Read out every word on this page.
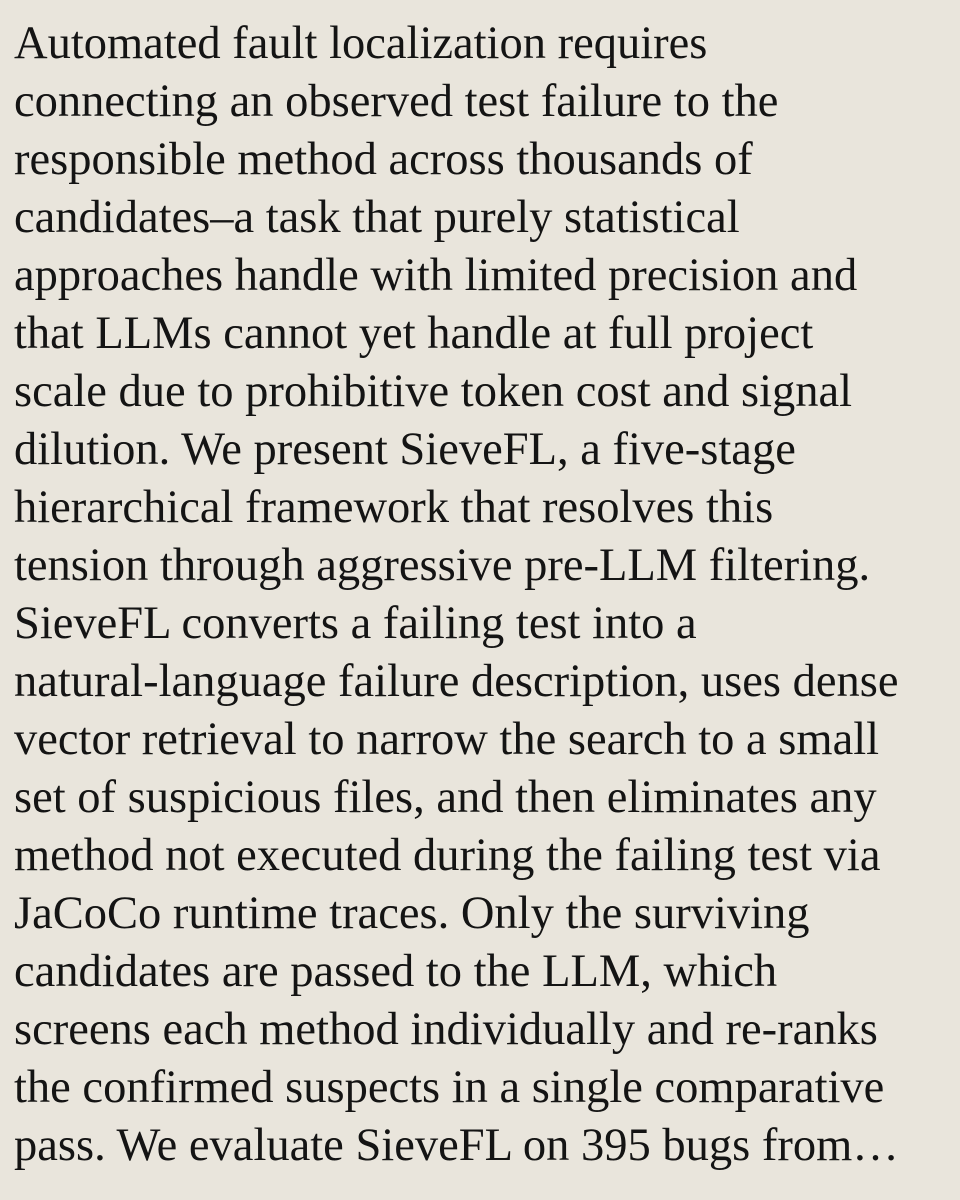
Automated fault localization requires
connecting an observed test failure to the
responsible method across thousands of
candidates–a task that purely statistical
approaches handle with limited precision and
that LLMs cannot yet handle at full project
scale due to prohibitive token cost and signal
dilution. We present SieveFL, a five-stage
hierarchical framework that resolves this
tension through aggressive pre-LLM filtering.
SieveFL converts a failing test into a
natural-language failure description, uses dense
vector retrieval to narrow the search to a small
set of suspicious files, and then eliminates any
method not executed during the failing test via
JaCoCo runtime traces. Only the surviving
candidates are passed to the LLM, which
screens each method individually and re-ranks
the confirmed suspects in a single comparative
pass. We evaluate SieveFL on 395 bugs from…
